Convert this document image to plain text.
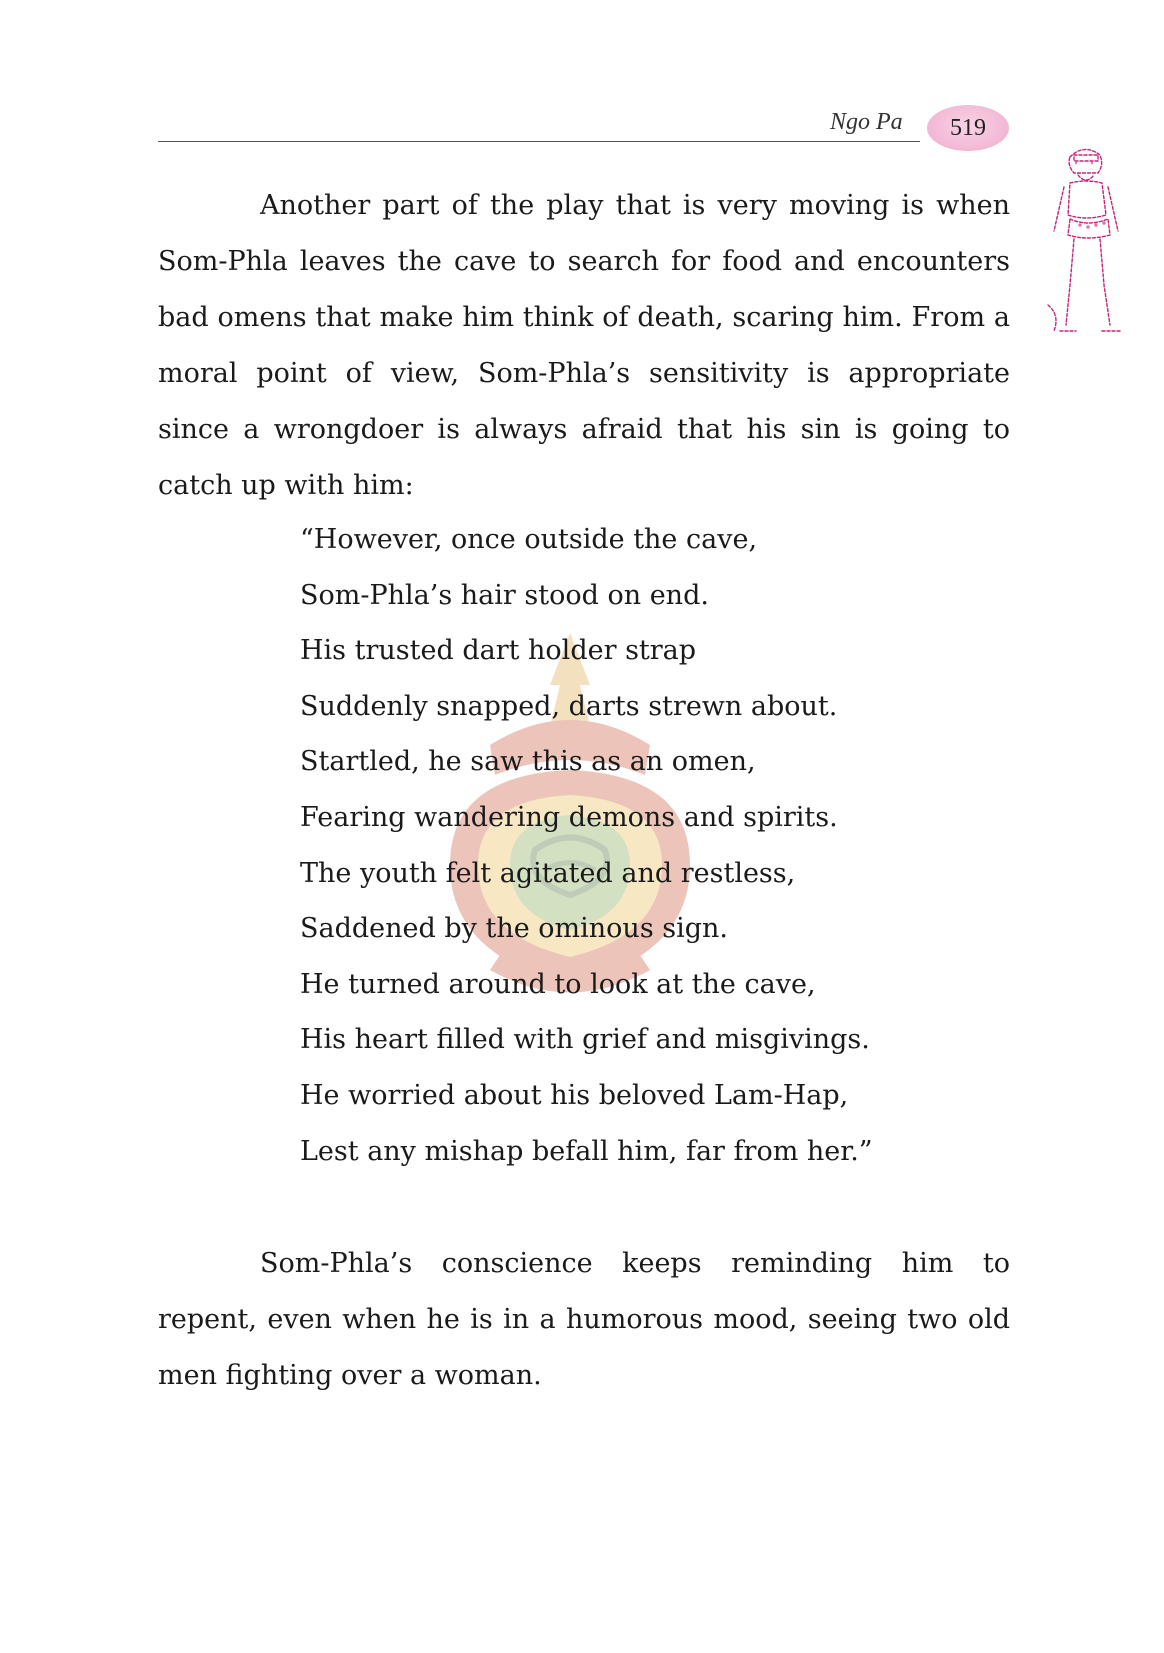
Ngo Pa	519

Another part of the play that is very moving is when Som-Phla leaves the cave to search for food and encounters bad omens that make him think of death, scaring him. From a moral point of view, Som-Phla’s sensitivity is appropriate since a wrongdoer is always afraid that his sin is going to catch up with him:

“However, once outside the cave,
Som-Phla’s hair stood on end.
His trusted dart holder strap
Suddenly snapped, darts strewn about.
Startled, he saw this as an omen,
Fearing wandering demons and spirits.
The youth felt agitated and restless,
Saddened by the ominous sign.
He turned around to look at the cave,
His heart filled with grief and misgivings.
He worried about his beloved Lam-Hap,
Lest any mishap befall him, far from her.”

Som-Phla’s conscience keeps reminding him to repent, even when he is in a humorous mood, seeing two old men fighting over a woman.
